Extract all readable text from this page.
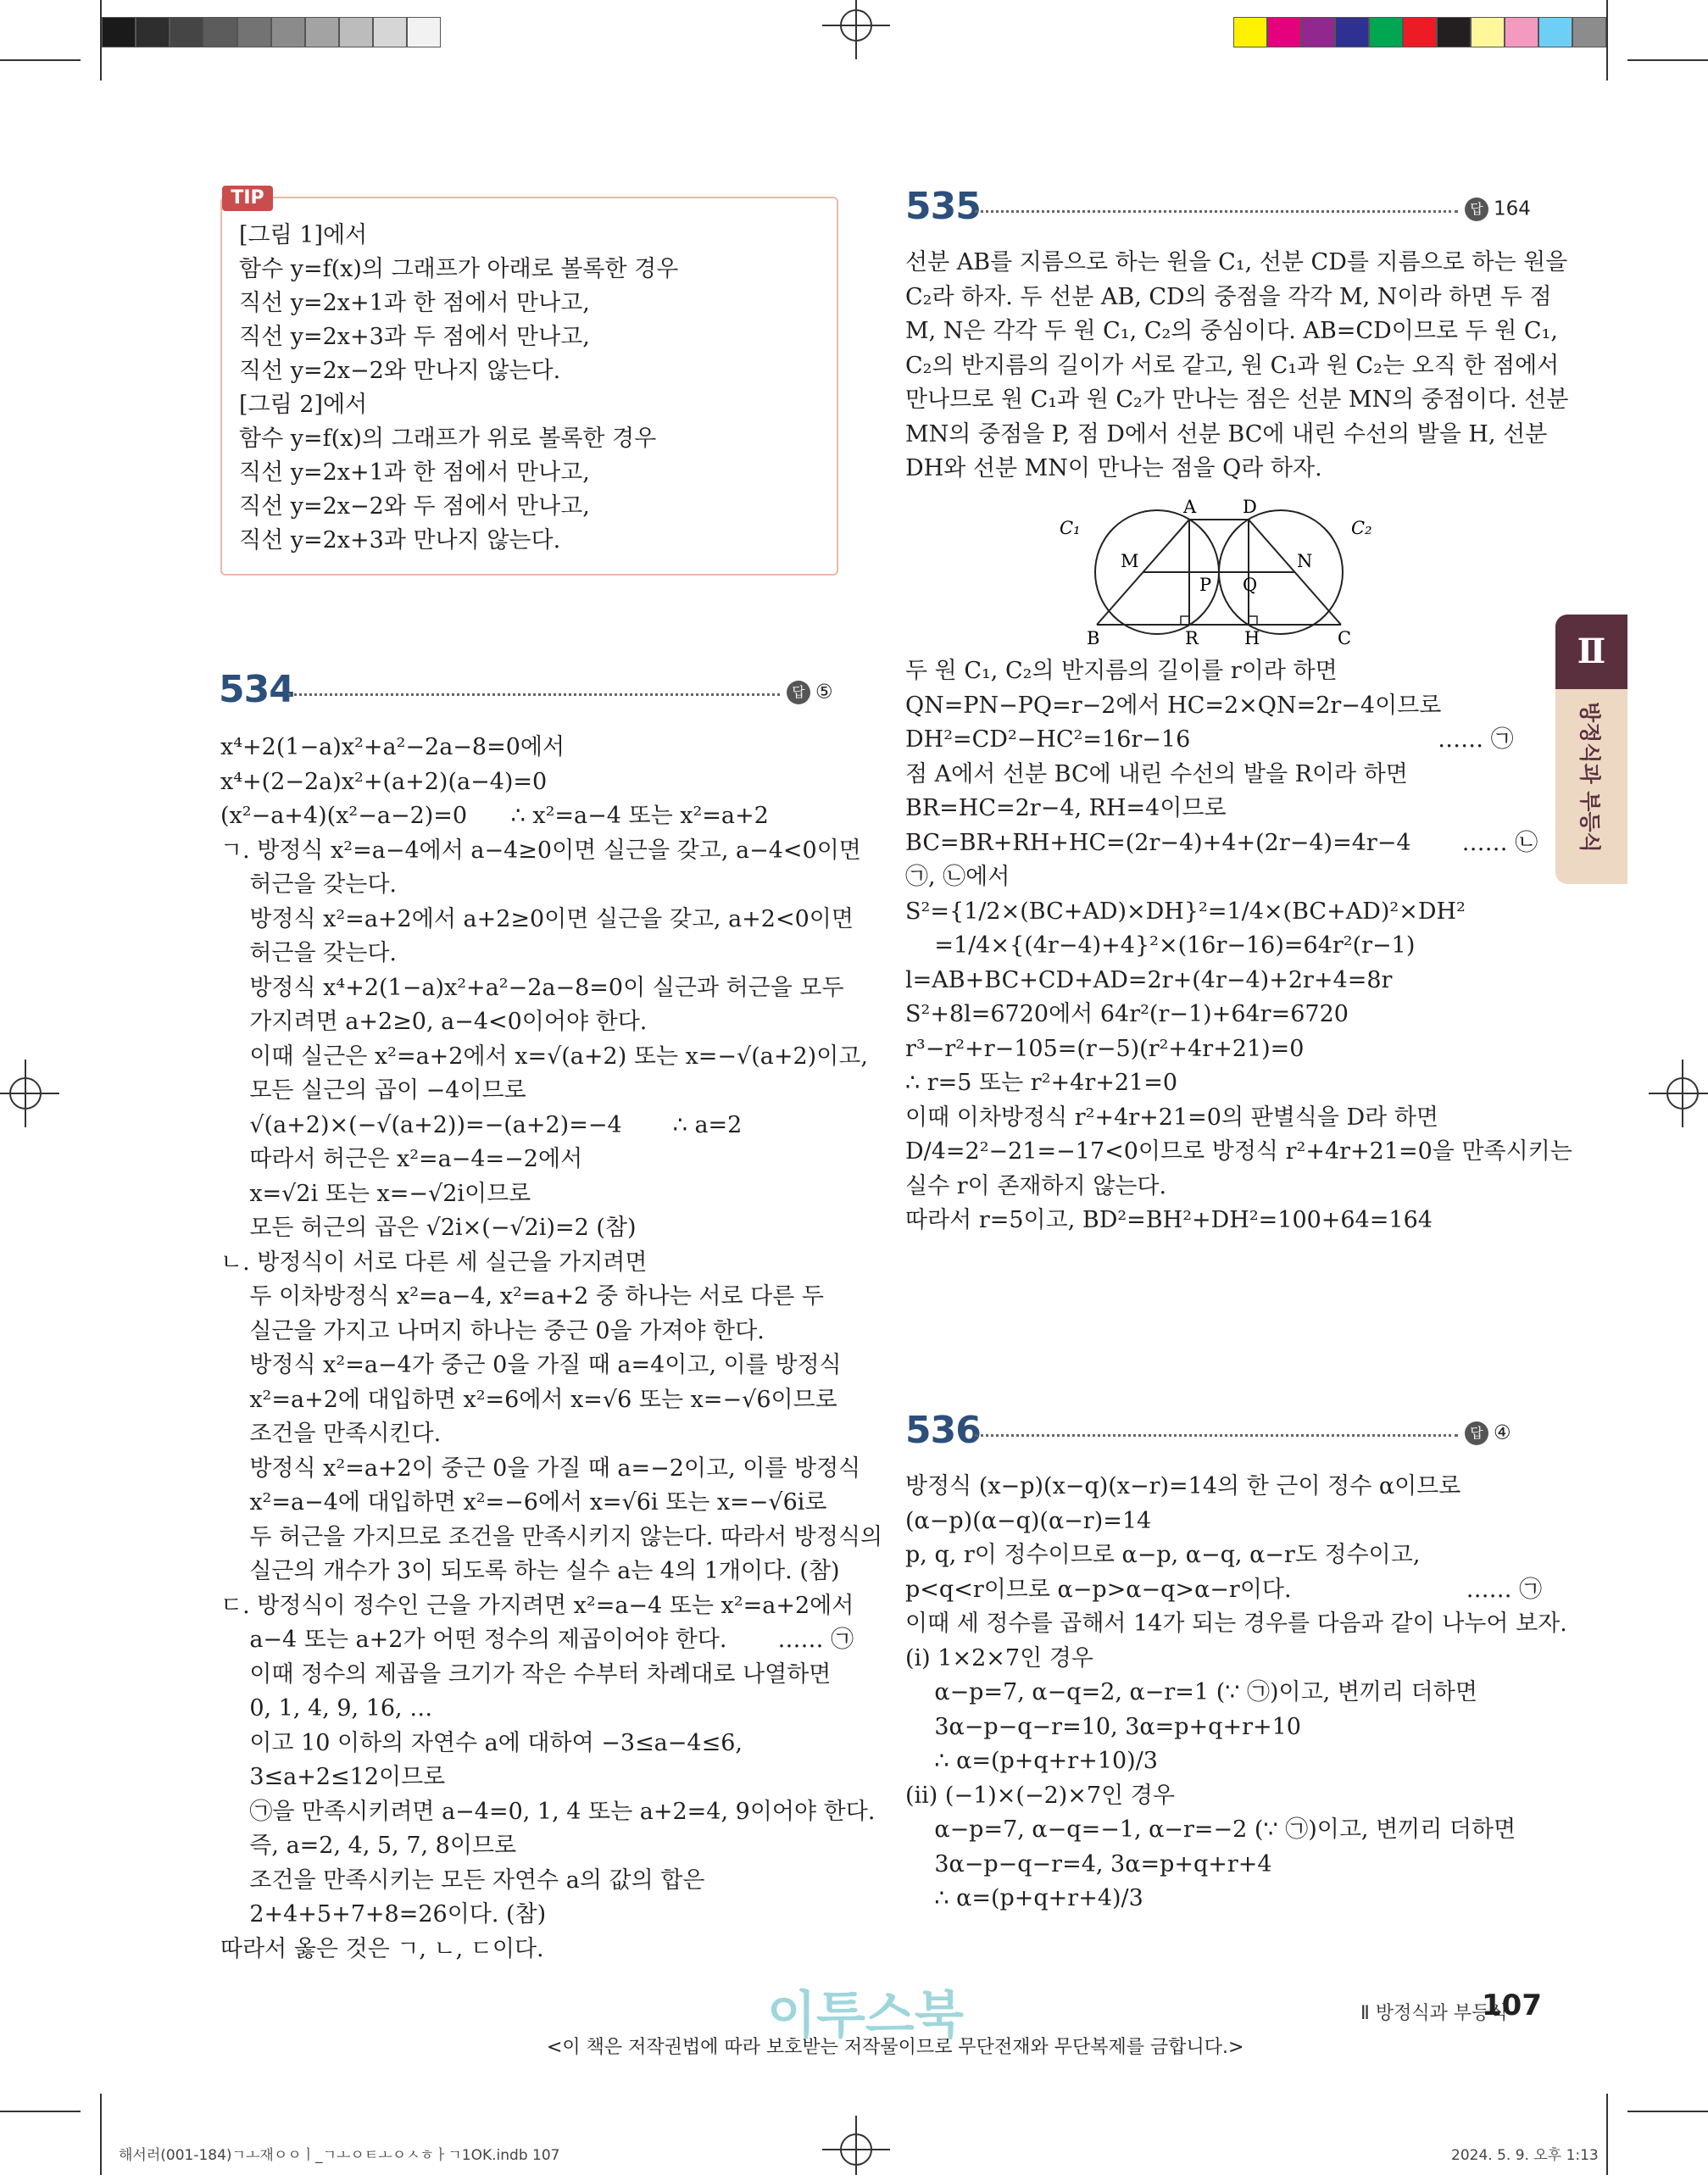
TIP
[그림 1]에서
함수 y=f(x)의 그래프가 아래로 볼록한 경우
직선 y=2x+1과 한 점에서 만나고,
직선 y=2x+3과 두 점에서 만나고,
직선 y=2x−2와 만나지 않는다.
[그림 2]에서
함수 y=f(x)의 그래프가 위로 볼록한 경우
직선 y=2x+1과 한 점에서 만나고,
직선 y=2x−2와 두 점에서 만나고,
직선 y=2x+3과 만나지 않는다.
534	답 ⑤
x⁴+2(1−a)x²+a²−2a−8=0에서
x⁴+(2−2a)x²+(a+2)(a−4)=0
(x²−a+4)(x²−a−2)=0      ∴ x²=a−4 또는 x²=a+2
ㄱ. 방정식 x²=a−4에서 a−4≥0이면 실근을 갖고, a−4<0이면
허근을 갖는다.
방정식 x²=a+2에서 a+2≥0이면 실근을 갖고, a+2<0이면
허근을 갖는다.
방정식 x⁴+2(1−a)x²+a²−2a−8=0이 실근과 허근을 모두
가지려면 a+2≥0, a−4<0이어야 한다.
이때 실근은 x²=a+2에서 x=√(a+2) 또는 x=−√(a+2)이고,
모든 실근의 곱이 −4이므로
√(a+2)×(−√(a+2))=−(a+2)=−4       ∴ a=2
따라서 허근은 x²=a−4=−2에서
x=√2i 또는 x=−√2i이므로
모든 허근의 곱은 √2i×(−√2i)=2 (참)
ㄴ. 방정식이 서로 다른 세 실근을 가지려면
두 이차방정식 x²=a−4, x²=a+2 중 하나는 서로 다른 두
실근을 가지고 나머지 하나는 중근 0을 가져야 한다.
방정식 x²=a−4가 중근 0을 가질 때 a=4이고, 이를 방정식
x²=a+2에 대입하면 x²=6에서 x=√6 또는 x=−√6이므로
조건을 만족시킨다.
방정식 x²=a+2이 중근 0을 가질 때 a=−2이고, 이를 방정식
x²=a−4에 대입하면 x²=−6에서 x=√6i 또는 x=−√6i로
두 허근을 가지므로 조건을 만족시키지 않는다. 따라서 방정식의
실근의 개수가 3이 되도록 하는 실수 a는 4의 1개이다. (참)
ㄷ. 방정식이 정수인 근을 가지려면 x²=a−4 또는 x²=a+2에서
a−4 또는 a+2가 어떤 정수의 제곱이어야 한다.       …… ㉠
이때 정수의 제곱을 크기가 작은 수부터 차례대로 나열하면
0, 1, 4, 9, 16, …
이고 10 이하의 자연수 a에 대하여 −3≤a−4≤6,
3≤a+2≤12이므로
㉠을 만족시키려면 a−4=0, 1, 4 또는 a+2=4, 9이어야 한다.
즉, a=2, 4, 5, 7, 8이므로
조건을 만족시키는 모든 자연수 a의 값의 합은
2+4+5+7+8=26이다. (참)
따라서 옳은 것은 ㄱ, ㄴ, ㄷ이다.
535	답 164
선분 AB를 지름으로 하는 원을 C₁, 선분 CD를 지름으로 하는 원을
C₂라 하자. 두 선분 AB, CD의 중점을 각각 M, N이라 하면 두 점
M, N은 각각 두 원 C₁, C₂의 중심이다. AB=CD이므로 두 원 C₁,
C₂의 반지름의 길이가 서로 같고, 원 C₁과 원 C₂는 오직 한 점에서
만나므로 원 C₁과 원 C₂가 만나는 점은 선분 MN의 중점이다. 선분
MN의 중점을 P, 점 D에서 선분 BC에 내린 수선의 발을 H, 선분
DH와 선분 MN이 만나는 점을 Q라 하자.
A	D
C₁	C₂
M	N
P Q
B	R	H	C
두 원 C₁, C₂의 반지름의 길이를 r이라 하면
QN=PN−PQ=r−2에서 HC=2×QN=2r−4이므로
DH²=CD²−HC²=16r−16                                  …… ㉠
점 A에서 선분 BC에 내린 수선의 발을 R이라 하면
BR=HC=2r−4, RH=4이므로
BC=BR+RH+HC=(2r−4)+4+(2r−4)=4r−4       …… ㉡
㉠, ㉡에서
S²={1/2×(BC+AD)×DH}²=1/4×(BC+AD)²×DH²
=1/4×{(4r−4)+4}²×(16r−16)=64r²(r−1)
l=AB+BC+CD+AD=2r+(4r−4)+2r+4=8r
S²+8l=6720에서 64r²(r−1)+64r=6720
r³−r²+r−105=(r−5)(r²+4r+21)=0
∴ r=5 또는 r²+4r+21=0
이때 이차방정식 r²+4r+21=0의 판별식을 D라 하면
D/4=2²−21=−17<0이므로 방정식 r²+4r+21=0을 만족시키는
실수 r이 존재하지 않는다.
따라서 r=5이고, BD²=BH²+DH²=100+64=164
536	답 ④
방정식 (x−p)(x−q)(x−r)=14의 한 근이 정수 α이므로
(α−p)(α−q)(α−r)=14
p, q, r이 정수이므로 α−p, α−q, α−r도 정수이고,
p<q<r이므로 α−p>α−q>α−r이다.                        …… ㉠
이때 세 정수를 곱해서 14가 되는 경우를 다음과 같이 나누어 보자.
(ⅰ) 1×2×7인 경우
α−p=7, α−q=2, α−r=1 (∵ ㉠)이고, 변끼리 더하면
3α−p−q−r=10, 3α=p+q+r+10
∴ α=(p+q+r+10)/3
(ⅱ) (−1)×(−2)×7인 경우
α−p=7, α−q=−1, α−r=−2 (∵ ㉠)이고, 변끼리 더하면
3α−p−q−r=4, 3α=p+q+r+4
∴ α=(p+q+r+4)/3
Ⅱ
방정식과 부등식
이투스북	Ⅱ 방정식과 부등식
107
<이 책은 저작권법에 따라 보호받는 저작물이므로 무단전재와 무단복제를 금합니다.>
해서러(001-184)ㄱㅗ재ㅇㅇㅣ_ㄱㅗㅇㅌㅗㅇㅅㅎㅏㄱ1OK.indb 107	2024. 5. 9. 오후 1:13
